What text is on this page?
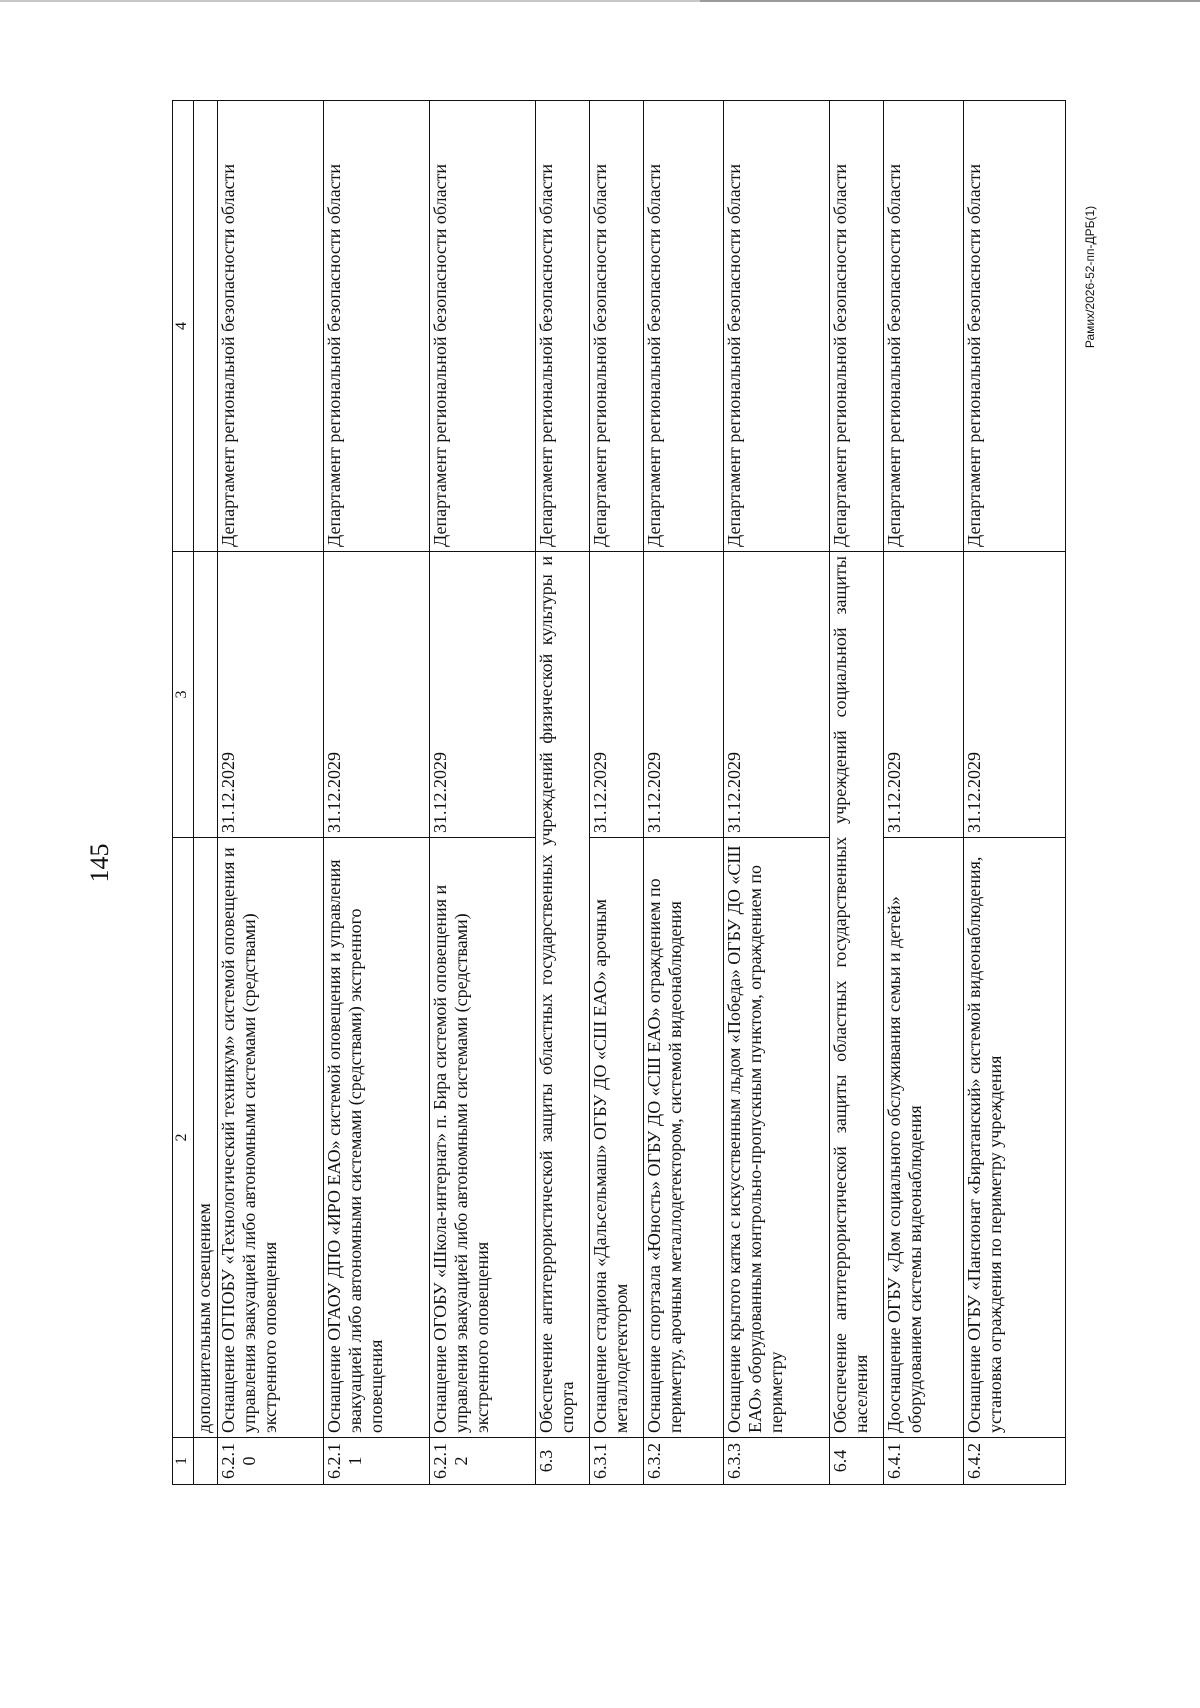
145
1	2	3	4
	дополнительным освещением		
6.2.10	Оснащение ОГПОБУ «Технологический техникум» системой оповещения и управления эвакуацией либо автономными системами (средствами) экстренного оповещения	31.12.2029	Департамент региональной безопасности области
6.2.11	Оснащение ОГАОУ ДПО «ИРО ЕАО» системой оповещения и управления эвакуацией либо автономными системами (средствами) экстренного оповещения	31.12.2029	Департамент региональной безопасности области
6.2.12	Оснащение ОГОБУ «Школа-интернат» п. Бира системой оповещения и управления эвакуацией либо автономными системами (средствами) экстренного оповещения	31.12.2029	Департамент региональной безопасности области
6.3	Обеспечение антитеррористической защиты областных государственных учреждений физической культуры и спорта		Департамент региональной безопасности области
6.3.1	Оснащение стадиона «Дальсельмаш» ОГБУ ДО «СШ ЕАО» арочным металлодетектором	31.12.2029	Департамент региональной безопасности области
6.3.2	Оснащение спортзала «Юность» ОГБУ ДО «СШ ЕАО» ограждением по периметру, арочным металлодетектором, системой видеонаблюдения	31.12.2029	Департамент региональной безопасности области
6.3.3	Оснащение крытого катка с искусственным льдом «Победа» ОГБУ ДО «СШ ЕАО» оборудованным контрольно-пропускным пунктом, ограждением по периметру	31.12.2029	Департамент региональной безопасности области
6.4	Обеспечение антитеррористической защиты областных государственных учреждений социальной защиты населения		Департамент региональной безопасности области
6.4.1	Дооснащение ОГБУ «Дом социального обслуживания семьи и детей» оборудованием системы видеонаблюдения	31.12.2029	Департамент региональной безопасности области
6.4.2	Оснащение ОГБУ «Пансионат «Биратанский» системой видеонаблюдения, установка ограждения по периметру учреждения	31.12.2029	Департамент региональной безопасности области	Рамих/2026-52-пп-ДРБ(1)
